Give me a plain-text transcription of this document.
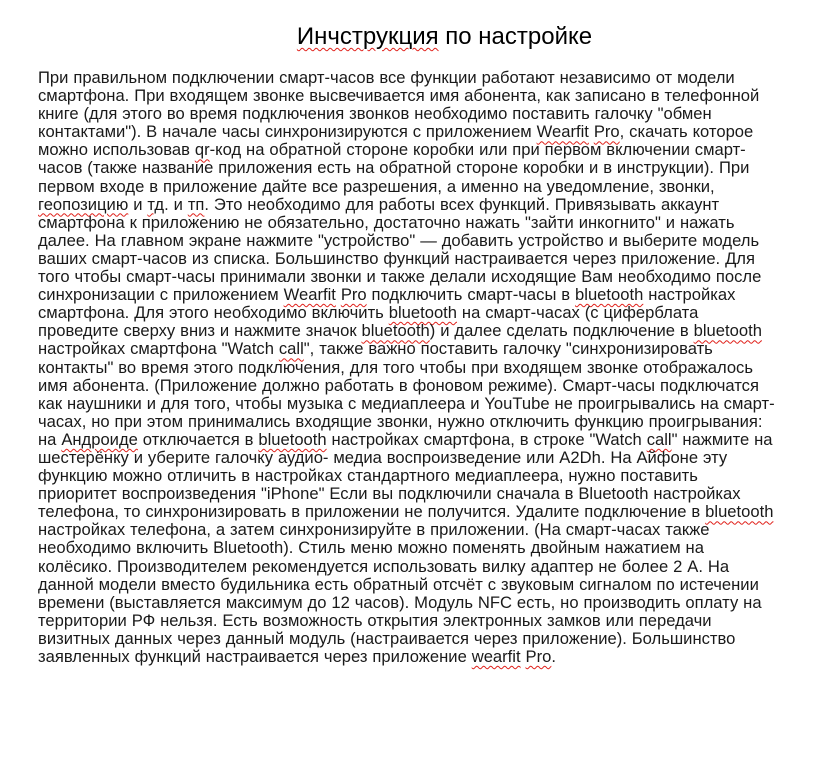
Инчструкция по настройке
При правильном подключении смарт-часов все функции работают независимо от модели
смартфона. При входящем звонке высвечивается имя абонента, как записано в телефонной
книге (для этого во время подключения звонков необходимо поставить галочку "обмен
контактами"). В начале часы синхронизируются с приложением Wearfit Pro, скачать которое
можно использовав qr-код на обратной стороне коробки или при первом включении смарт-
часов (также название приложения есть на обратной стороне коробки и в инструкции). При
первом входе в приложение дайте все разрешения, а именно на уведомление, звонки,
геопозицию и тд. и тп. Это необходимо для работы всех функций. Привязывать аккаунт
смартфона к приложению не обязательно, достаточно нажать "зайти инкогнито" и нажать
далее. На главном экране нажмите "устройство" — добавить устройство и выберите модель
ваших смарт-часов из списка. Большинство функций настраивается через приложение. Для
того чтобы смарт-часы принимали звонки и также делали исходящие Вам необходимо после
синхронизации с приложением Wearfit Pro подключить смарт-часы в bluetooth настройках
смартфона. Для этого необходимо включить bluetooth на смарт-часах (с циферблата
проведите сверху вниз и нажмите значок bluetooth) и далее сделать подключение в bluetooth
настройках смартфона "Watch call", также важно поставить галочку "синхронизировать
контакты" во время этого подключения, для того чтобы при входящем звонке отображалось
имя абонента. (Приложение должно работать в фоновом режиме). Смарт-часы подключатся
как наушники и для того, чтобы музыка с медиаплеера и YouTube не проигрывались на смарт-
часах, но при этом принимались входящие звонки, нужно отключить функцию проигрывания:
на Андроиде отключается в bluetooth настройках смартфона, в строке "Watch call" нажмите на
шестерёнку и уберите галочку аудио- медиа воспроизведение или A2Dh. На Айфоне эту
функцию можно отличить в настройках стандартного медиаплеера, нужно поставить
приоритет воспроизведения "iPhone" Если вы подключили сначала в Bluetooth настройках
телефона, то синхронизировать в приложении не получится. Удалите подключение в bluetooth
настройках телефона, а затем синхронизируйте в приложении. (На смарт-часах также
необходимо включить Bluetooth). Стиль меню можно поменять двойным нажатием на
колёсико. Производителем рекомендуется использовать вилку адаптер не более 2 А. На
данной модели вместо будильника есть обратный отсчёт с звуковым сигналом по истечении
времени (выставляется максимум до 12 часов). Модуль NFC есть, но производить оплату на
территории РФ нельзя. Есть возможность открытия электронных замков или передачи
визитных данных через данный модуль (настраивается через приложение). Большинство
заявленных функций настраивается через приложение wearfit Pro.
